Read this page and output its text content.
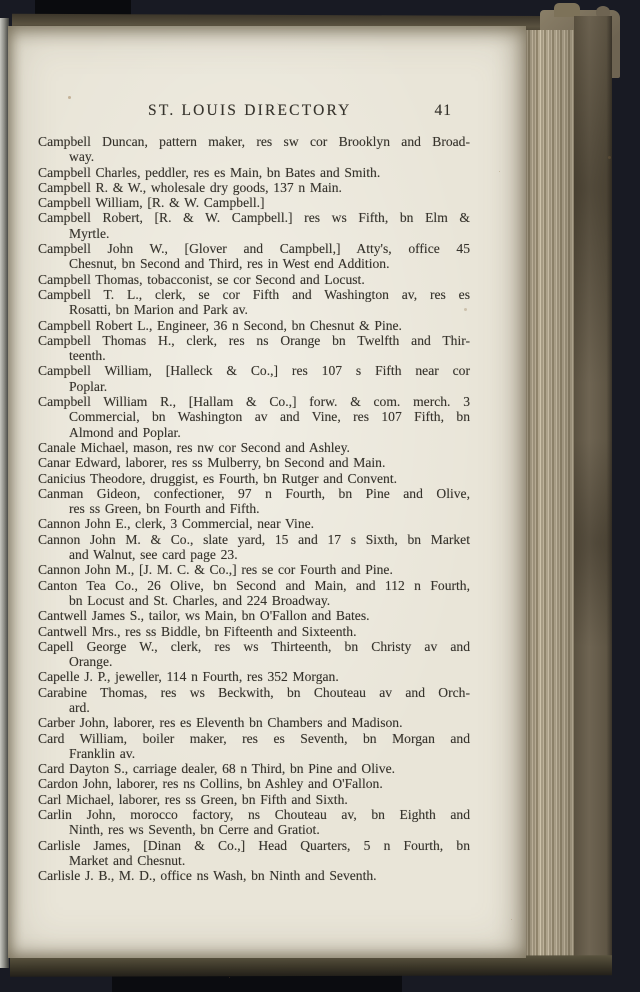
ST. LOUIS DIRECTORY	41

Campbell Duncan, pattern maker, res sw cor Brooklyn and Broad-
way.

Campbell Charles, peddler, res es Main, bn Bates and Smith.

Campbell R. & W., wholesale dry goods, 137 n Main.

Campbell William, [R. & W. Campbell.]

Campbell Robert, [R. & W. Campbell.] res ws Fifth, bn Elm &
Myrtle.

Campbell John W., [Glover and Campbell,] Atty's, office 45
Chesnut, bn Second and Third, res in West end Addition.

Campbell Thomas, tobacconist, se cor Second and Locust.

Campbell T. L., clerk, se cor Fifth and Washington av, res es
Rosatti, bn Marion and Park av.

Campbell Robert L., Engineer, 36 n Second, bn Chesnut & Pine.

Campbell Thomas H., clerk, res ns Orange bn Twelfth and Thir-
teenth.

Campbell William, [Halleck & Co.,] res 107 s Fifth near cor
Poplar.

Campbell William R., [Hallam & Co.,] forw. & com. merch. 3
Commercial, bn Washington av and Vine, res 107 Fifth, bn
Almond and Poplar.

Canale Michael, mason, res nw cor Second and Ashley.

Canar Edward, laborer, res ss Mulberry, bn Second and Main.

Canicius Theodore, druggist, es Fourth, bn Rutger and Convent.

Canman Gideon, confectioner, 97 n Fourth, bn Pine and Olive,
res ss Green, bn Fourth and Fifth.

Cannon John E., clerk, 3 Commercial, near Vine.

Cannon John M. & Co., slate yard, 15 and 17 s Sixth, bn Market
and Walnut, see card page 23.

Cannon John M., [J. M. C. & Co.,] res se cor Fourth and Pine.

Canton Tea Co., 26 Olive, bn Second and Main, and 112 n Fourth,
bn Locust and St. Charles, and 224 Broadway.

Cantwell James S., tailor, ws Main, bn O'Fallon and Bates.

Cantwell Mrs., res ss Biddle, bn Fifteenth and Sixteenth.

Capell George W., clerk, res ws Thirteenth, bn Christy av and
Orange.

Capelle J. P., jeweller, 114 n Fourth, res 352 Morgan.

Carabine Thomas, res ws Beckwith, bn Chouteau av and Orch-
ard.

Carber John, laborer, res es Eleventh bn Chambers and Madison.

Card William, boiler maker, res es Seventh, bn Morgan and
Franklin av.

Card Dayton S., carriage dealer, 68 n Third, bn Pine and Olive.

Cardon John, laborer, res ns Collins, bn Ashley and O'Fallon.

Carl Michael, laborer, res ss Green, bn Fifth and Sixth.

Carlin John, morocco factory, ns Chouteau av, bn Eighth and
Ninth, res ws Seventh, bn Cerre and Gratiot.

Carlisle James, [Dinan & Co.,] Head Quarters, 5 n Fourth, bn
Market and Chesnut.

Carlisle J. B., M. D., office ns Wash, bn Ninth and Seventh.
